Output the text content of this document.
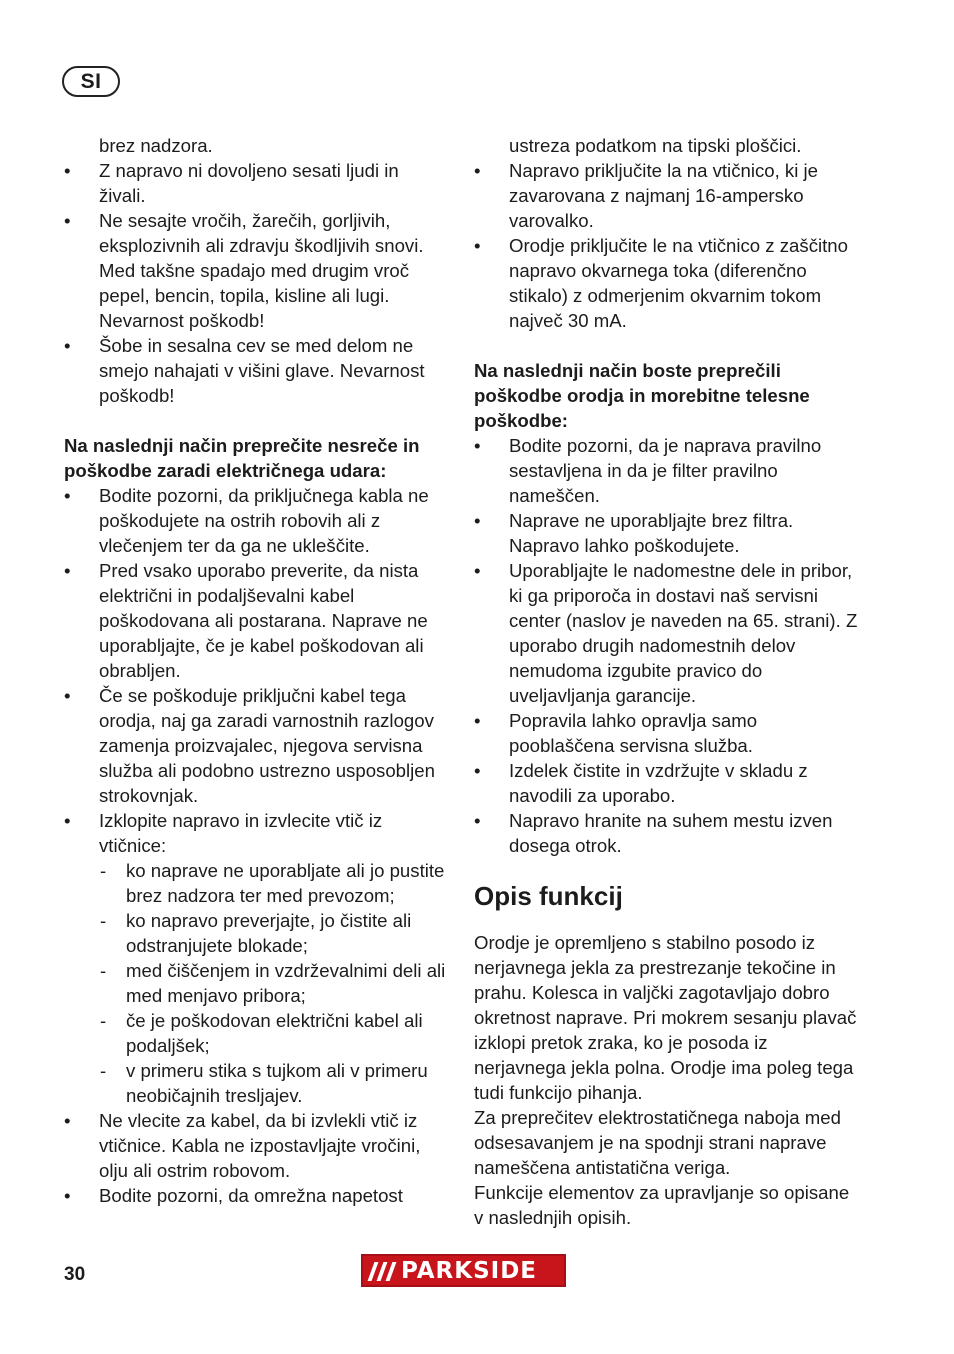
SI

brez nadzora.

• Z napravo ni dovoljeno sesati ljudi in živali.
• Ne sesajte vročih, žarečih, gorljivih, eksplozivnih ali zdravju škodljivih snovi. Med takšne spadajo med drugim vroč pepel, bencin, topila, kisline ali lugi. Nevarnost poškodb!
• Šobe in sesalna cev se med delom ne smejo nahajati v višini glave. Nevarnost poškodb!

Na naslednji način preprečite nesreče in poškodbe zaradi električnega udara:

• Bodite pozorni, da priključnega kabla ne poškodujete na ostrih robovih ali z vlečenjem ter da ga ne ukleščite.
• Pred vsako uporabo preverite, da nista električni in podaljševalni kabel poškodovana ali postarana. Naprave ne uporabljajte, če je kabel poškodovan ali obrabljen.
• Če se poškoduje priključni kabel tega orodja, naj ga zaradi varnostnih razlogov zamenja proizvajalec, njegova servisna služba ali podobno ustrezno usposobljen strokovnjak.
• Izklopite napravo in izvlecite vtič iz vtičnice:
- ko naprave ne uporabljate ali jo pustite brez nadzora ter med prevozom;
- ko napravo preverjajte, jo čistite ali odstranjujete blokade;
- med čiščenjem in vzdrževalnimi deli ali med menjavo pribora;
- če je poškodovan električni kabel ali podaljšek;
- v primeru stika s tujkom ali v primeru neobičajnih tresljajev.
• Ne vlecite za kabel, da bi izvlekli vtič iz vtičnice. Kabla ne izpostavljajte vročini, olju ali ostrim robovom.
• Bodite pozorni, da omrežna napetost

ustreza podatkom na tipski ploščici.

• Napravo priključite la na vtičnico, ki je zavarovana z najmanj 16-ampersko varovalko.
• Orodje priključite le na vtičnico z zaščitno napravo okvarnega toka (diferenčno stikalo) z odmerjenim okvarnim tokom največ 30 mA.

Na naslednji način boste preprečili poškodbe orodja in morebitne telesne poškodbe:

• Bodite pozorni, da je naprava pravilno sestavljena in da je filter pravilno nameščen.
• Naprave ne uporabljajte brez filtra. Napravo lahko poškodujete.
• Uporabljajte le nadomestne dele in pribor, ki ga priporoča in dostavi naš servisni center (naslov je naveden na 65. strani). Z uporabo drugih nadomestnih delov nemudoma izgubite pravico do uveljavljanja garancije.
• Popravila lahko opravlja samo pooblaščena servisna služba.
• Izdelek čistite in vzdržujte v skladu z navodili za uporabo.
• Napravo hranite na suhem mestu izven dosega otrok.
Opis funkcij

Orodje je opremljeno s stabilno posodo iz nerjavnega jekla za prestrezanje tekočine in prahu. Kolesca in valjčki zagotavljajo dobro okretnost naprave. Pri mokrem sesanju plavač izklopi pretok zraka, ko je posoda iz nerjavnega jekla polna. Orodje ima poleg tega tudi funkcijo pihanja.

Za preprečitev elektrostatičnega naboja med odsesavanjem je na spodnji strani naprave nameščena antistatična veriga.

Funkcije elementov za upravljanje so opisane v naslednjih opisih.

30	PARKSIDE
